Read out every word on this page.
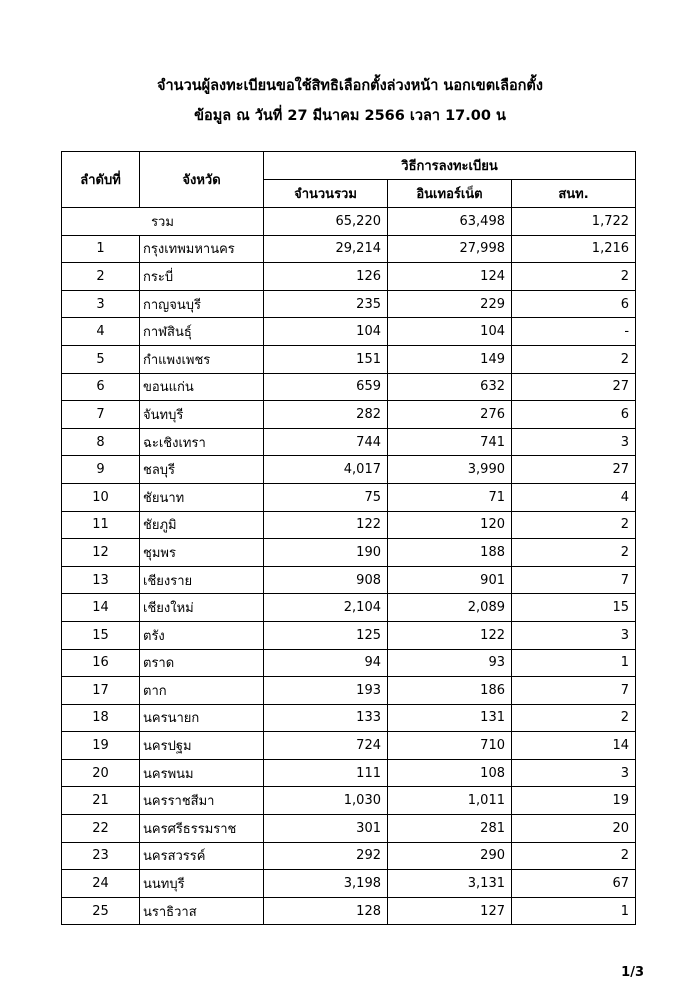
จำนวนผู้ลงทะเบียนขอใช้สิทธิเลือกตั้งล่วงหน้า นอกเขตเลือกตั้ง
ข้อมูล ณ วันที่ 27 มีนาคม 2566 เวลา 17.00 น
ลำดับที่	จังหวัด	วิธีการลงทะเบียน		
		จำนวนรวม	อินเทอร์เน็ต	สนท.
รวม		65,220	63,498	1,722
1	กรุงเทพมหานคร	29,214	27,998	1,216
2	กระบี่	126	124	2
3	กาญจนบุรี	235	229	6
4	กาฬสินธุ์	104	104	-
5	กำแพงเพชร	151	149	2
6	ขอนแก่น	659	632	27
7	จันทบุรี	282	276	6
8	ฉะเชิงเทรา	744	741	3
9	ชลบุรี	4,017	3,990	27
10	ชัยนาท	75	71	4
11	ชัยภูมิ	122	120	2
12	ชุมพร	190	188	2
13	เชียงราย	908	901	7
14	เชียงใหม่	2,104	2,089	15
15	ตรัง	125	122	3
16	ตราด	94	93	1
17	ตาก	193	186	7
18	นครนายก	133	131	2
19	นครปฐม	724	710	14
20	นครพนม	111	108	3
21	นครราชสีมา	1,030	1,011	19
22	นครศรีธรรมราช	301	281	20
23	นครสวรรค์	292	290	2
24	นนทบุรี	3,198	3,131	67
25	นราธิวาส	128	127	1
1/3
